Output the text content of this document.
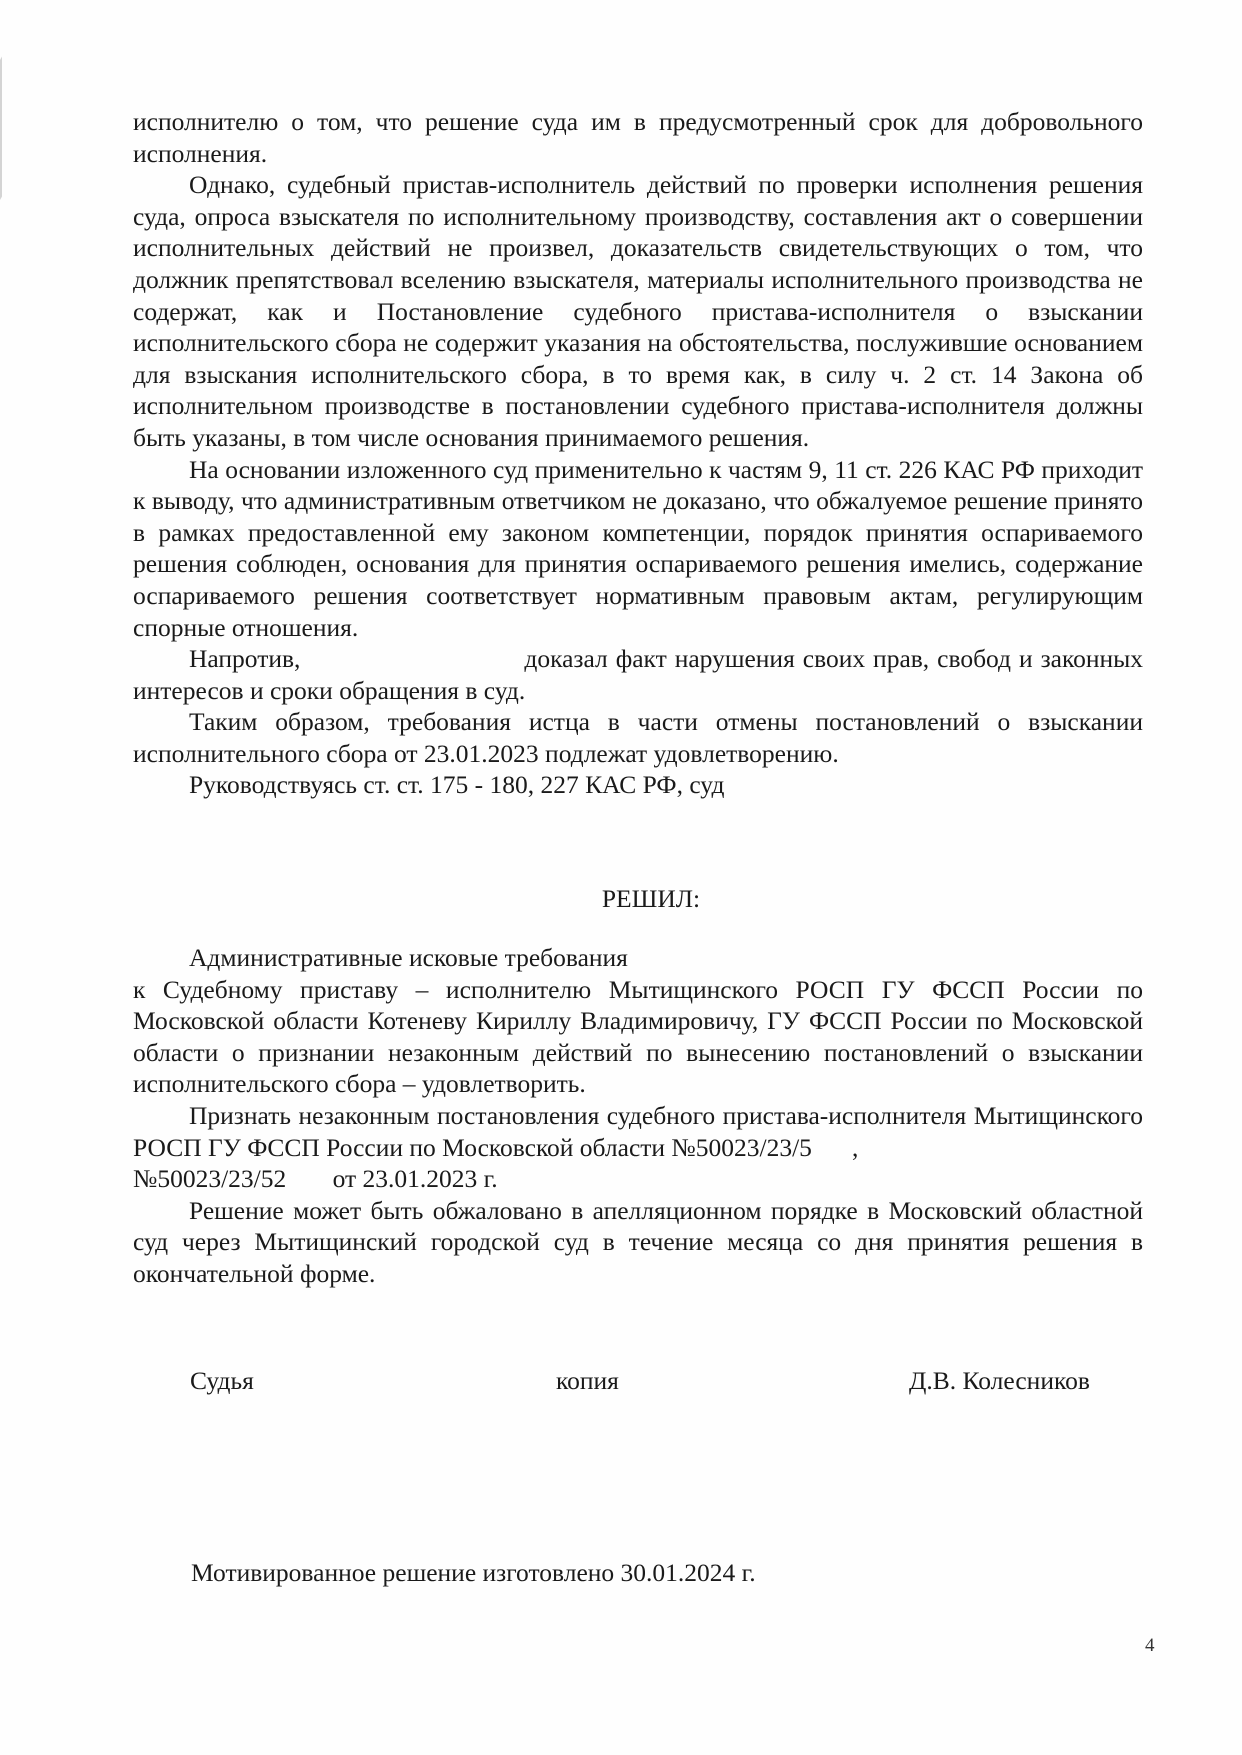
исполнителю о том, что решение суда им в предусмотренный срок для добровольного исполнения.

Однако, судебный пристав-исполнитель действий по проверки исполнения решения суда, опроса взыскателя по исполнительному производству, составления акт о совершении исполнительных действий не произвел, доказательств свидетельствующих о том, что должник препятствовал вселению взыскателя, материалы исполнительного производства не содержат, как и Постановление судебного пристава-исполнителя о взыскании исполнительского сбора не содержит указания на обстоятельства, послужившие основанием для взыскания исполнительского сбора, в то время как, в силу ч. 2 ст. 14 Закона об исполнительном производстве в постановлении судебного пристава-исполнителя должны быть указаны, в том числе основания принимаемого решения.

На основании изложенного суд применительно к частям 9, 11 ст. 226 КАС РФ приходит к выводу, что административным ответчиком не доказано, что обжалуемое решение принято в рамках предоставленной ему законом компетенции, порядок принятия оспариваемого решения соблюден, основания для принятия оспариваемого решения имелись, содержание оспариваемого решения соответствует нормативным правовым актам, регулирующим спорные отношения.

Напротив,	доказал факт нарушения своих прав, свобод и законных интересов и сроки обращения в суд.

Таким образом, требования истца в части отмены постановлений о взыскании исполнительного сбора от 23.01.2023 подлежат удовлетворению.

Руководствуясь ст. ст. 175 - 180, 227 КАС РФ, суд

РЕШИЛ:

Административные исковые требования
к Судебному приставу – исполнителю Мытищинского РОСП ГУ ФССП России по Московской области Котеневу Кириллу Владимировичу, ГУ ФССП России по Московской области о признании незаконным действий по вынесению постановлений о взыскании исполнительского сбора – удовлетворить.

Признать незаконным постановления судебного пристава-исполнителя Мытищинского РОСП ГУ ФССП России по Московской области №50023/23/5 ,
№50023/23/52 от 23.01.2023 г.

Решение может быть обжаловано в апелляционном порядке в Московский областной суд через Мытищинский городской суд в течение месяца со дня принятия решения в окончательной форме.

Судья	копия	Д.В. Колесников
Мотивированное решение изготовлено 30.01.2024 г.
4
